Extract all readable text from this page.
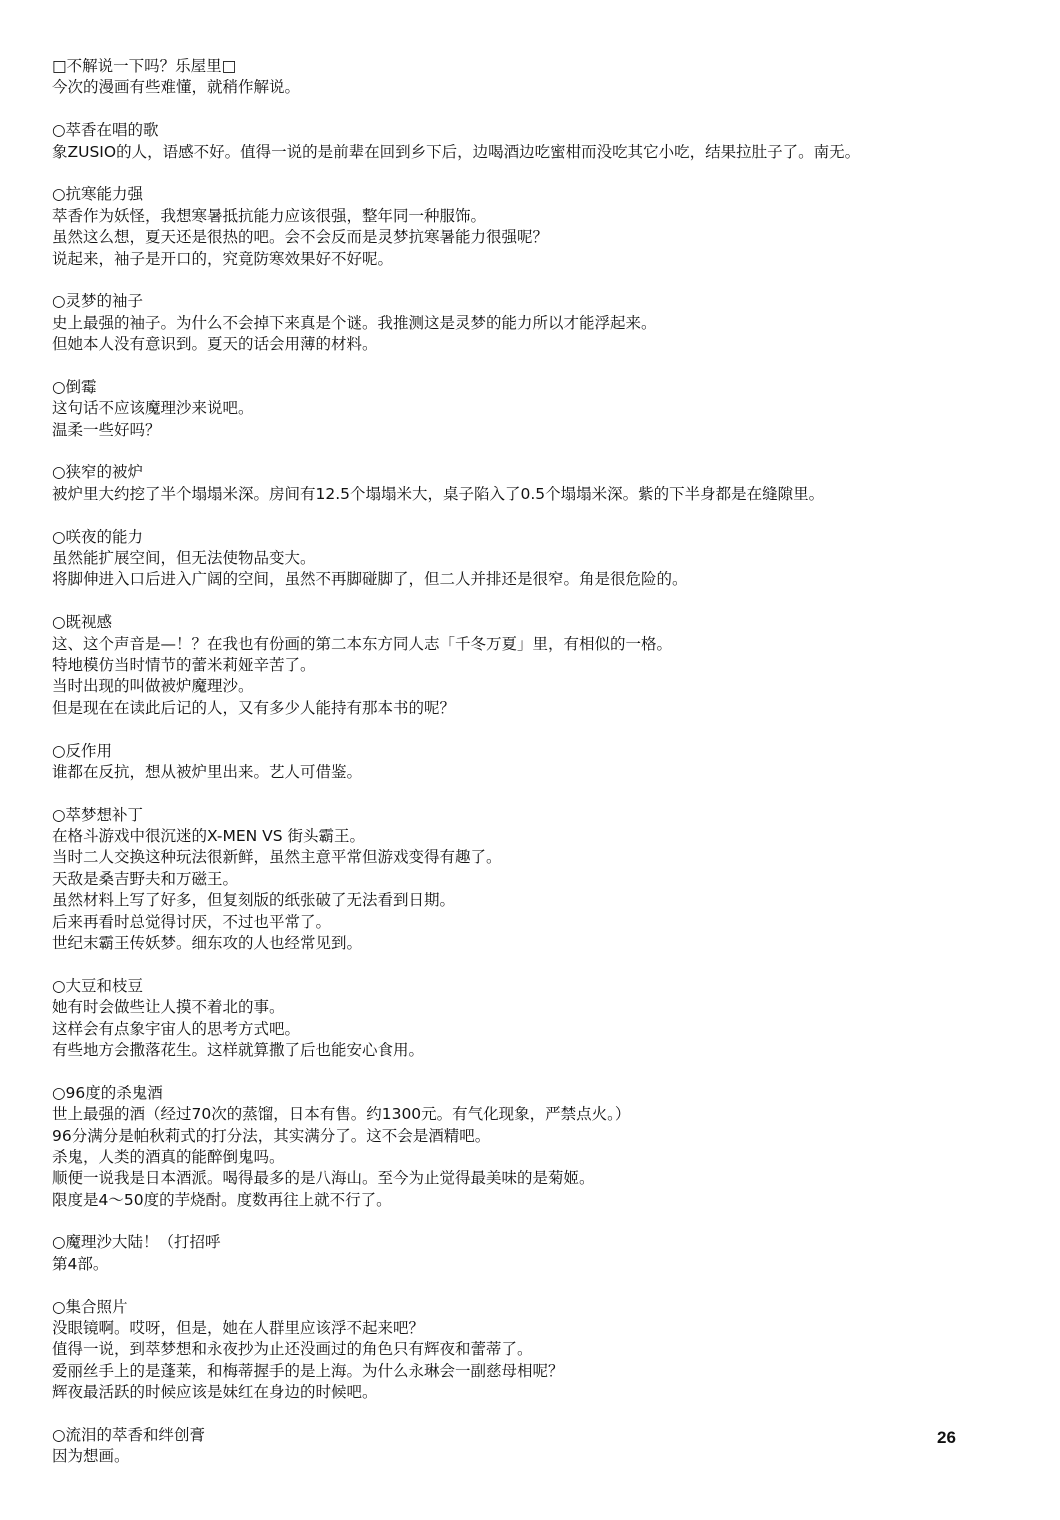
□不解说一下吗？乐屋里□
今次的漫画有些难懂，就稍作解说。
○萃香在唱的歌
象ZUSIO的人，语感不好。值得一说的是前辈在回到乡下后，边喝酒边吃蜜柑而没吃其它小吃，结果拉肚子了。南无。
○抗寒能力强
萃香作为妖怪，我想寒暑抵抗能力应该很强，整年同一种服饰。
虽然这么想，夏天还是很热的吧。会不会反而是灵梦抗寒暑能力很强呢？
说起来，袖子是开口的，究竟防寒效果好不好呢。
○灵梦的袖子
史上最强的袖子。为什么不会掉下来真是个谜。我推测这是灵梦的能力所以才能浮起来。
但她本人没有意识到。夏天的话会用薄的材料。
○倒霉
这句话不应该魔理沙来说吧。
温柔一些好吗？
○狭窄的被炉
被炉里大约挖了半个塌塌米深。房间有12.5个塌塌米大，桌子陷入了0.5个塌塌米深。紫的下半身都是在缝隙里。
○咲夜的能力
虽然能扩展空间，但无法使物品变大。
将脚伸进入口后进入广阔的空间，虽然不再脚碰脚了，但二人并排还是很窄。角是很危险的。
○既视感
这、这个声音是—！？在我也有份画的第二本东方同人志「千冬万夏」里，有相似的一格。
特地模仿当时情节的蕾米莉娅辛苦了。
当时出现的叫做被炉魔理沙。
但是现在在读此后记的人，又有多少人能持有那本书的呢？
○反作用
谁都在反抗，想从被炉里出来。艺人可借鉴。
○萃梦想补丁
在格斗游戏中很沉迷的X-MEN VS 街头霸王。
当时二人交换这种玩法很新鲜，虽然主意平常但游戏变得有趣了。
天敌是桑吉野夫和万磁王。
虽然材料上写了好多，但复刻版的纸张破了无法看到日期。
后来再看时总觉得讨厌，不过也平常了。
世纪末霸王传妖梦。细东攻的人也经常见到。
○大豆和枝豆
她有时会做些让人摸不着北的事。
这样会有点象宇宙人的思考方式吧。
有些地方会撒落花生。这样就算撒了后也能安心食用。
○96度的杀鬼酒
世上最强的酒（经过70次的蒸馏，日本有售。约1300元。有气化现象，严禁点火。）
96分满分是帕秋莉式的打分法，其实满分了。这不会是酒精吧。
杀鬼，人类的酒真的能醉倒鬼吗。
顺便一说我是日本酒派。喝得最多的是八海山。至今为止觉得最美味的是菊姬。
限度是4～50度的芋烧酎。度数再往上就不行了。
○魔理沙大陆！（打招呼
第4部。
○集合照片
没眼镜啊。哎呀，但是，她在人群里应该浮不起来吧？
值得一说，到萃梦想和永夜抄为止还没画过的角色只有辉夜和蕾蒂了。
爱丽丝手上的是蓬莱，和梅蒂握手的是上海。为什么永琳会一副慈母相呢？
辉夜最活跃的时候应该是妹红在身边的时候吧。
○流泪的萃香和绊创膏
因为想画。
26
